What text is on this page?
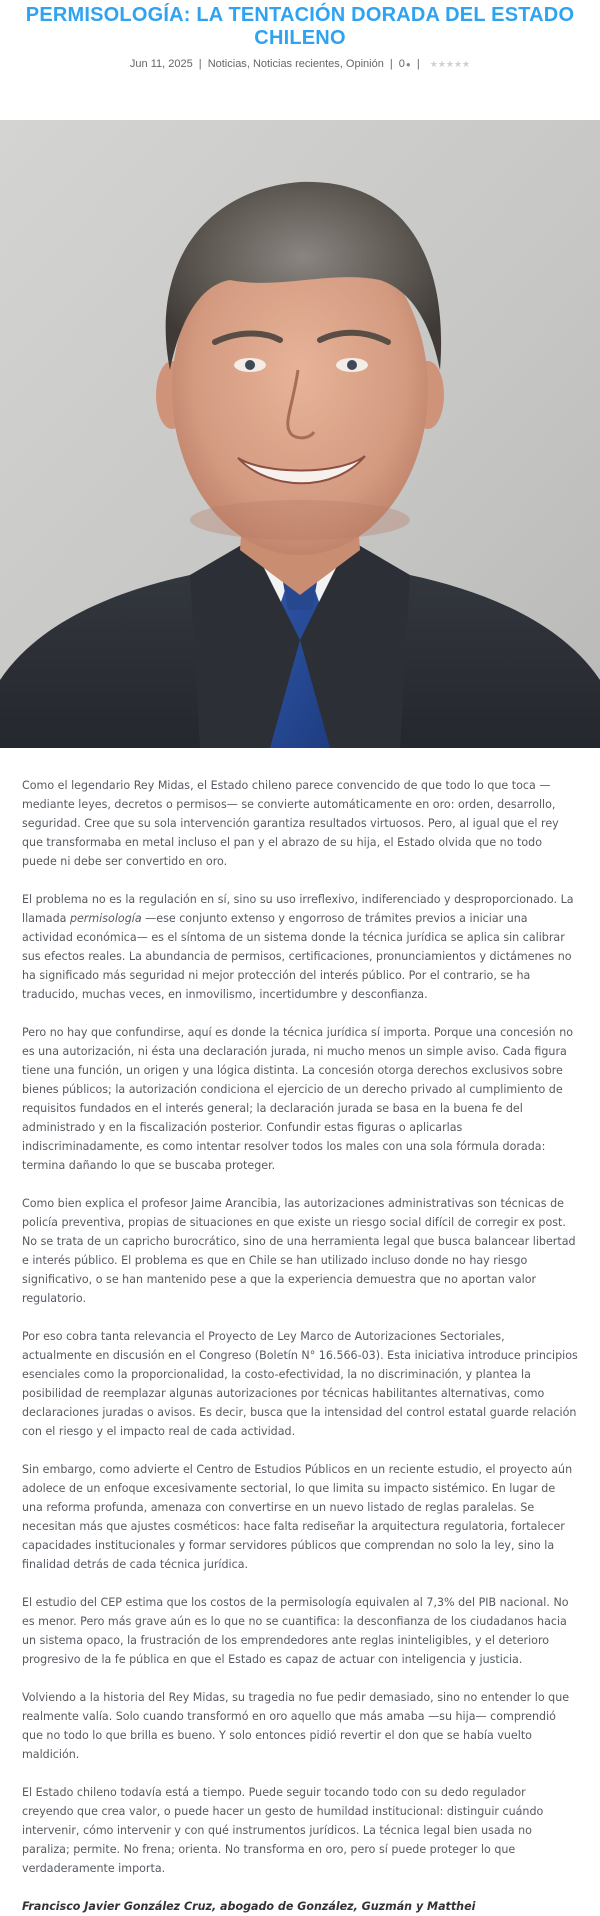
PERMISOLOGÍA: LA TENTACIÓN DORADA DEL ESTADO CHILENO
Jun 11, 2025 | Noticias, Noticias recientes, Opinión | 0● | ★★★★★

Como el legendario Rey Midas, el Estado chileno parece convencido de que todo lo que toca —mediante leyes, decretos o permisos— se convierte automáticamente en oro: orden, desarrollo, seguridad. Cree que su sola intervención garantiza resultados virtuosos. Pero, al igual que el rey que transformaba en metal incluso el pan y el abrazo de su hija, el Estado olvida que no todo puede ni debe ser convertido en oro.

El problema no es la regulación en sí, sino su uso irreflexivo, indiferenciado y desproporcionado. La llamada permisología —ese conjunto extenso y engorroso de trámites previos a iniciar una actividad económica— es el síntoma de un sistema donde la técnica jurídica se aplica sin calibrar sus efectos reales. La abundancia de permisos, certificaciones, pronunciamientos y dictámenes no ha significado más seguridad ni mejor protección del interés público. Por el contrario, se ha traducido, muchas veces, en inmovilismo, incertidumbre y desconfianza.

Pero no hay que confundirse, aquí es donde la técnica jurídica sí importa. Porque una concesión no es una autorización, ni ésta una declaración jurada, ni mucho menos un simple aviso. Cada figura tiene una función, un origen y una lógica distinta. La concesión otorga derechos exclusivos sobre bienes públicos; la autorización condiciona el ejercicio de un derecho privado al cumplimiento de requisitos fundados en el interés general; la declaración jurada se basa en la buena fe del administrado y en la fiscalización posterior. Confundir estas figuras o aplicarlas indiscriminadamente, es como intentar resolver todos los males con una sola fórmula dorada: termina dañando lo que se buscaba proteger.

Como bien explica el profesor Jaime Arancibia, las autorizaciones administrativas son técnicas de policía preventiva, propias de situaciones en que existe un riesgo social difícil de corregir ex post. No se trata de un capricho burocrático, sino de una herramienta legal que busca balancear libertad e interés público. El problema es que en Chile se han utilizado incluso donde no hay riesgo significativo, o se han mantenido pese a que la experiencia demuestra que no aportan valor regulatorio.

Por eso cobra tanta relevancia el Proyecto de Ley Marco de Autorizaciones Sectoriales, actualmente en discusión en el Congreso (Boletín N° 16.566-03). Esta iniciativa introduce principios esenciales como la proporcionalidad, la costo-efectividad, la no discriminación, y plantea la posibilidad de reemplazar algunas autorizaciones por técnicas habilitantes alternativas, como declaraciones juradas o avisos. Es decir, busca que la intensidad del control estatal guarde relación con el riesgo y el impacto real de cada actividad.

Sin embargo, como advierte el Centro de Estudios Públicos en un reciente estudio, el proyecto aún adolece de un enfoque excesivamente sectorial, lo que limita su impacto sistémico. En lugar de una reforma profunda, amenaza con convertirse en un nuevo listado de reglas paralelas. Se necesitan más que ajustes cosméticos: hace falta rediseñar la arquitectura regulatoria, fortalecer capacidades institucionales y formar servidores públicos que comprendan no solo la ley, sino la finalidad detrás de cada técnica jurídica.

El estudio del CEP estima que los costos de la permisología equivalen al 7,3% del PIB nacional. No es menor. Pero más grave aún es lo que no se cuantifica: la desconfianza de los ciudadanos hacia un sistema opaco, la frustración de los emprendedores ante reglas ininteligibles, y el deterioro progresivo de la fe pública en que el Estado es capaz de actuar con inteligencia y justicia.

Volviendo a la historia del Rey Midas, su tragedia no fue pedir demasiado, sino no entender lo que realmente valía. Solo cuando transformó en oro aquello que más amaba —su hija— comprendió que no todo lo que brilla es bueno. Y solo entonces pidió revertir el don que se había vuelto maldición.

El Estado chileno todavía está a tiempo. Puede seguir tocando todo con su dedo regulador creyendo que crea valor, o puede hacer un gesto de humildad institucional: distinguir cuándo intervenir, cómo intervenir y con qué instrumentos jurídicos. La técnica legal bien usada no paraliza; permite. No frena; orienta. No transforma en oro, pero sí puede proteger lo que verdaderamente importa.

Francisco Javier González Cruz, abogado de González, Guzmán y Matthei
